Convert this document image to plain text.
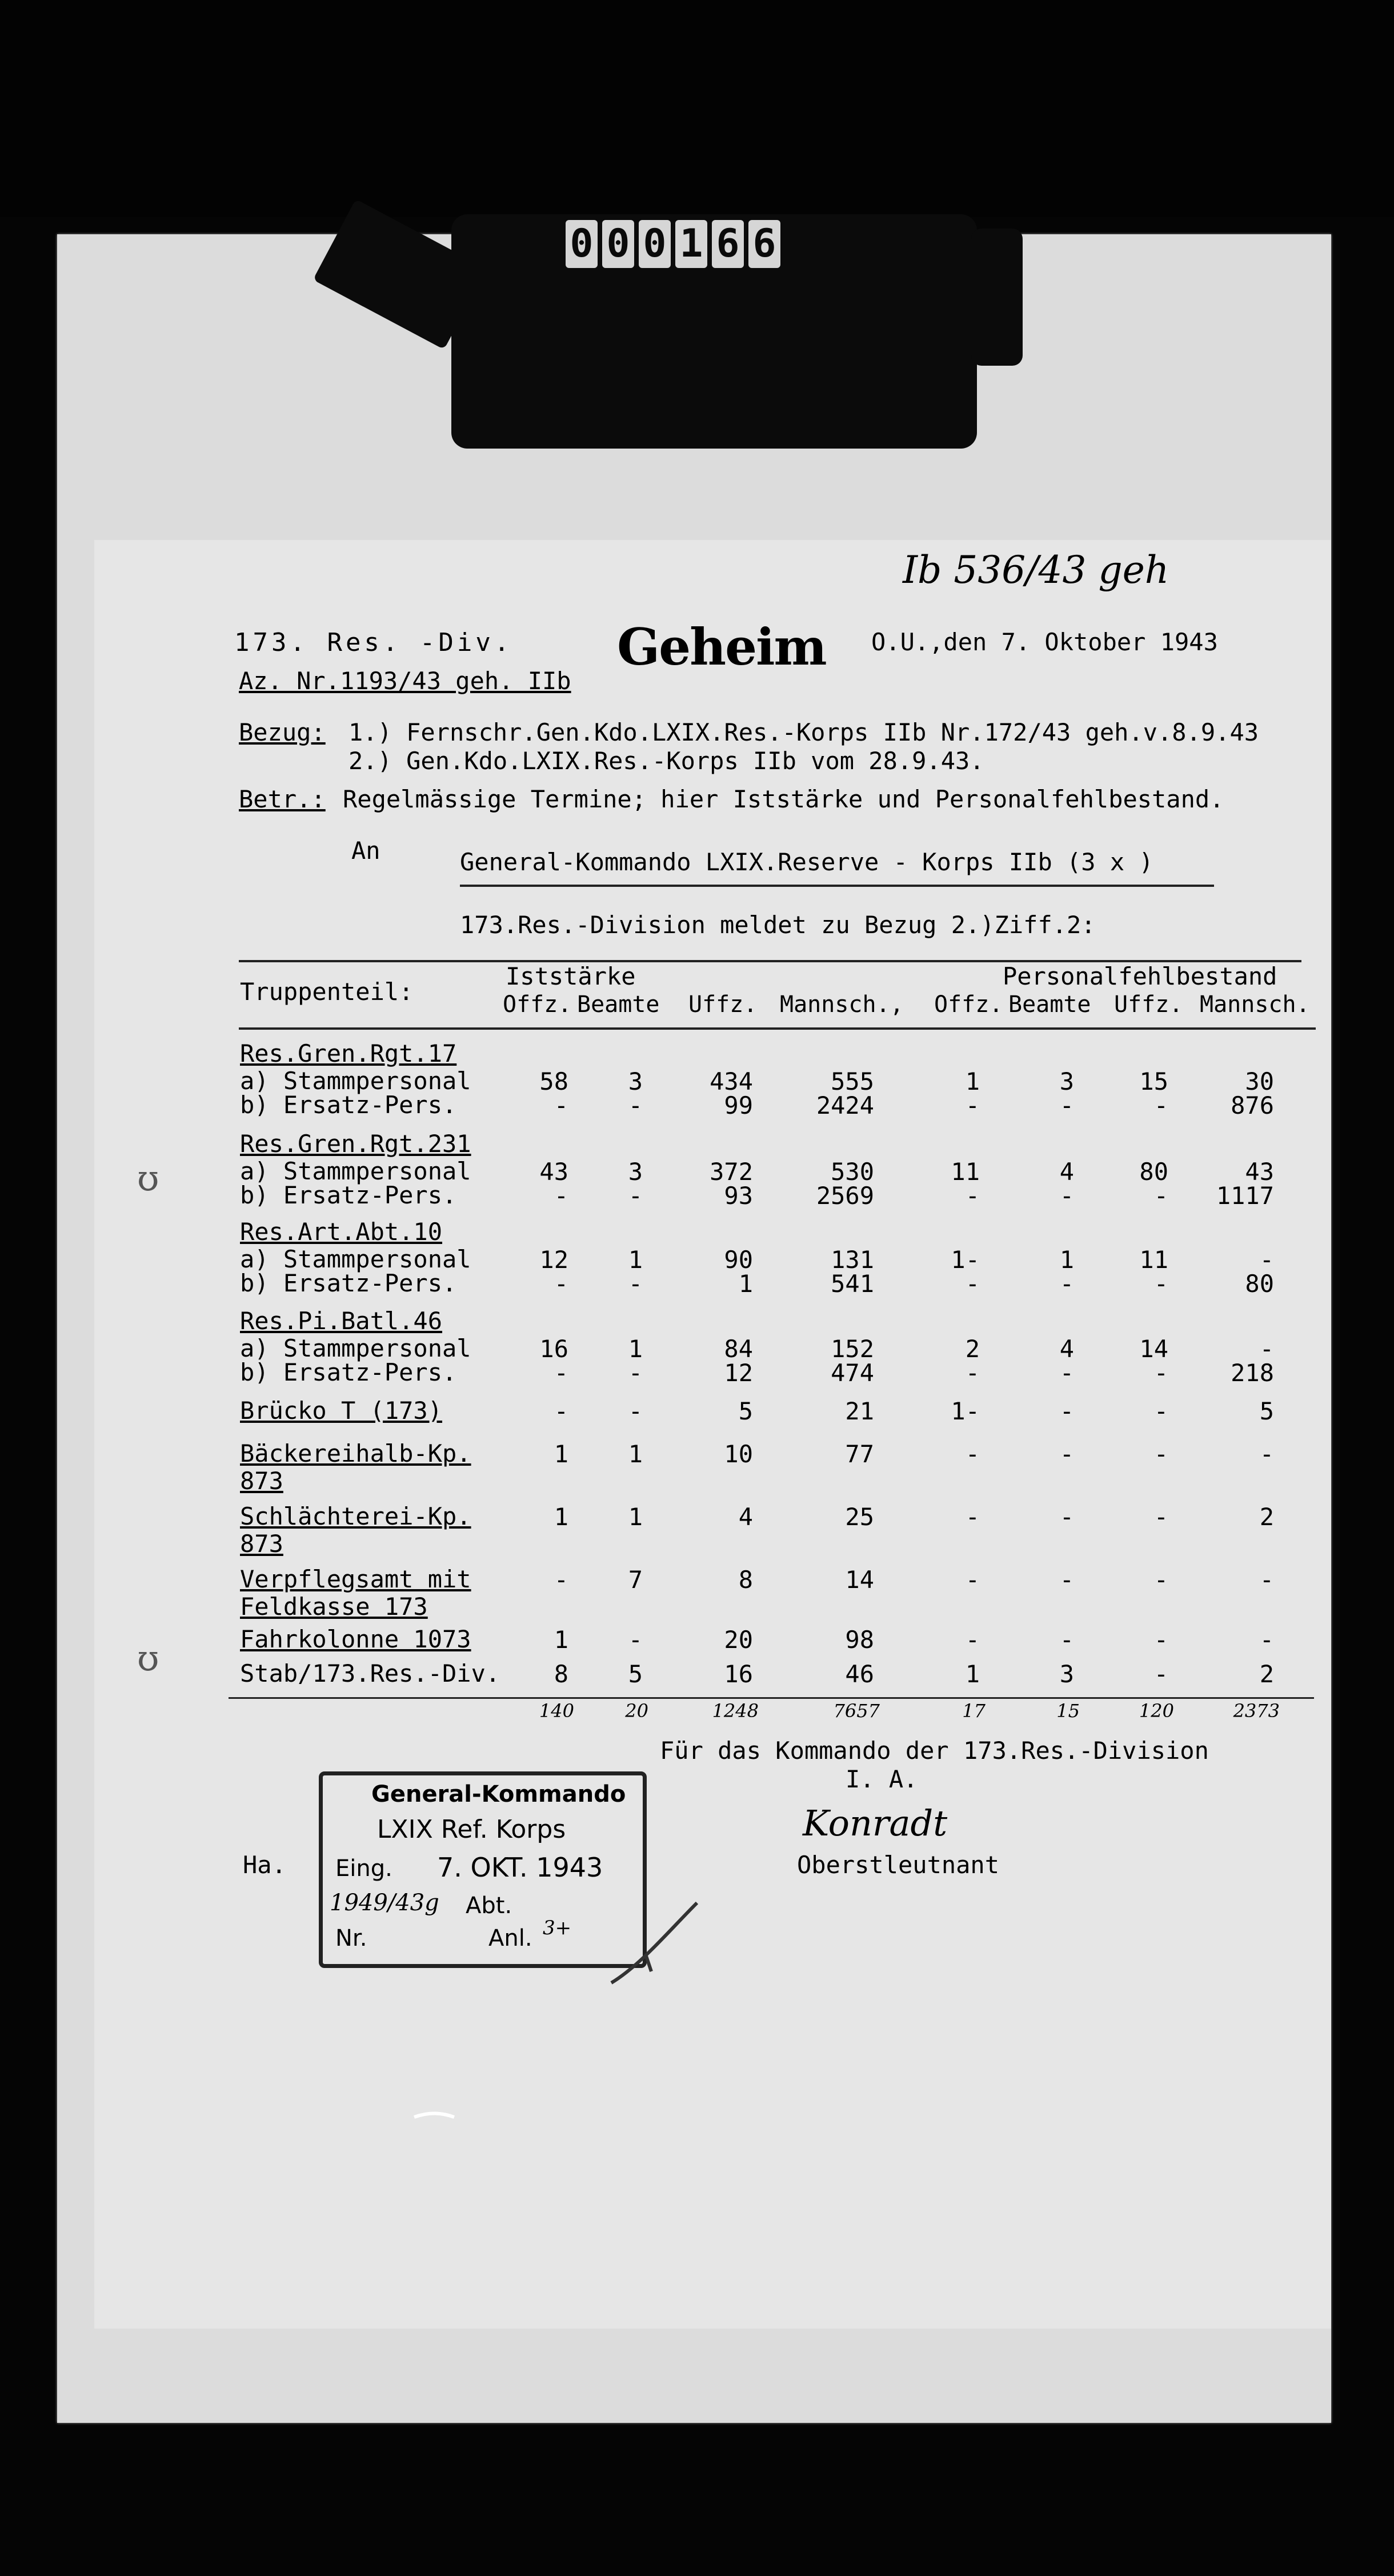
0 0 0 1 6 6
Ib 536/43 geh
173. Res. -Div. Geheim O.U.,den 7. Oktober 1943
Az. Nr.1193/43 geh. IIb
Bezug: 1.) Fernschr.Gen.Kdo.LXIX.Res.-Korps IIb Nr.172/43 geh.v.8.9.43
2.) Gen.Kdo.LXIX.Res.-Korps IIb vom 28.9.43.
Betr.: Regelmässige Termine; hier Iststärke und Personalfehlbestand.
An	General-Kommando LXIX.Reserve - Korps IIb (3 x )
173.Res.-Division meldet zu Bezug 2.)Ziff.2:
Iststärke	Personalfehlbestand
Truppenteil:	Offz. Beamte Uffz. Mannsch., Offz. Beamte Uffz. Mannsch.
Res.Gren.Rgt.17
a) Stammpersonal	58	3	434	555	1	3	15	30
b) Ersatz-Pers.	-	-	99	2424	-	-	-	876
Res.Gren.Rgt.231
a) Stammpersonal	43	3	372	530	11	4	80	43
b) Ersatz-Pers.	-	-	93	2569	-	-	-	1117
Res.Art.Abt.10
a) Stammpersonal	12	1	90	131	1-	1	11	-
b) Ersatz-Pers.	-	-	1	541	-	-	-	80
Res.Pi.Batl.46
a) Stammpersonal	16	1	84	152	2	4	14	-
b) Ersatz-Pers.	-	-	12	474	-	-	-	218
Brücko T (173)	-	-	5	21	1-	-	-	5
Bäckereihalb-Kp.	1	1	10	77	-	-	-	-
873
Schlächterei-Kp.	1	1	4	25	-	-	-	2
873
Verpflegsamt mit	-	7	8	14	-	-	-	-
Feldkasse 173
Fahrkolonne 1073	1	-	20	98	-	-	-	-
Stab/173.Res.-Div.	8	5	16	46	1	3	-	2
140	20	1248	7657	17	15	120	2373
ʊ
ʊ
Für das Kommando der 173.Res.-Division
I. A.
Konradt
Oberstleutnant
Ha.
General-Kommando
LXIX Ref. Korps
Eing. 7. OKT. 1943
1949/43g Abt.
Nr.	Anl. 3+
